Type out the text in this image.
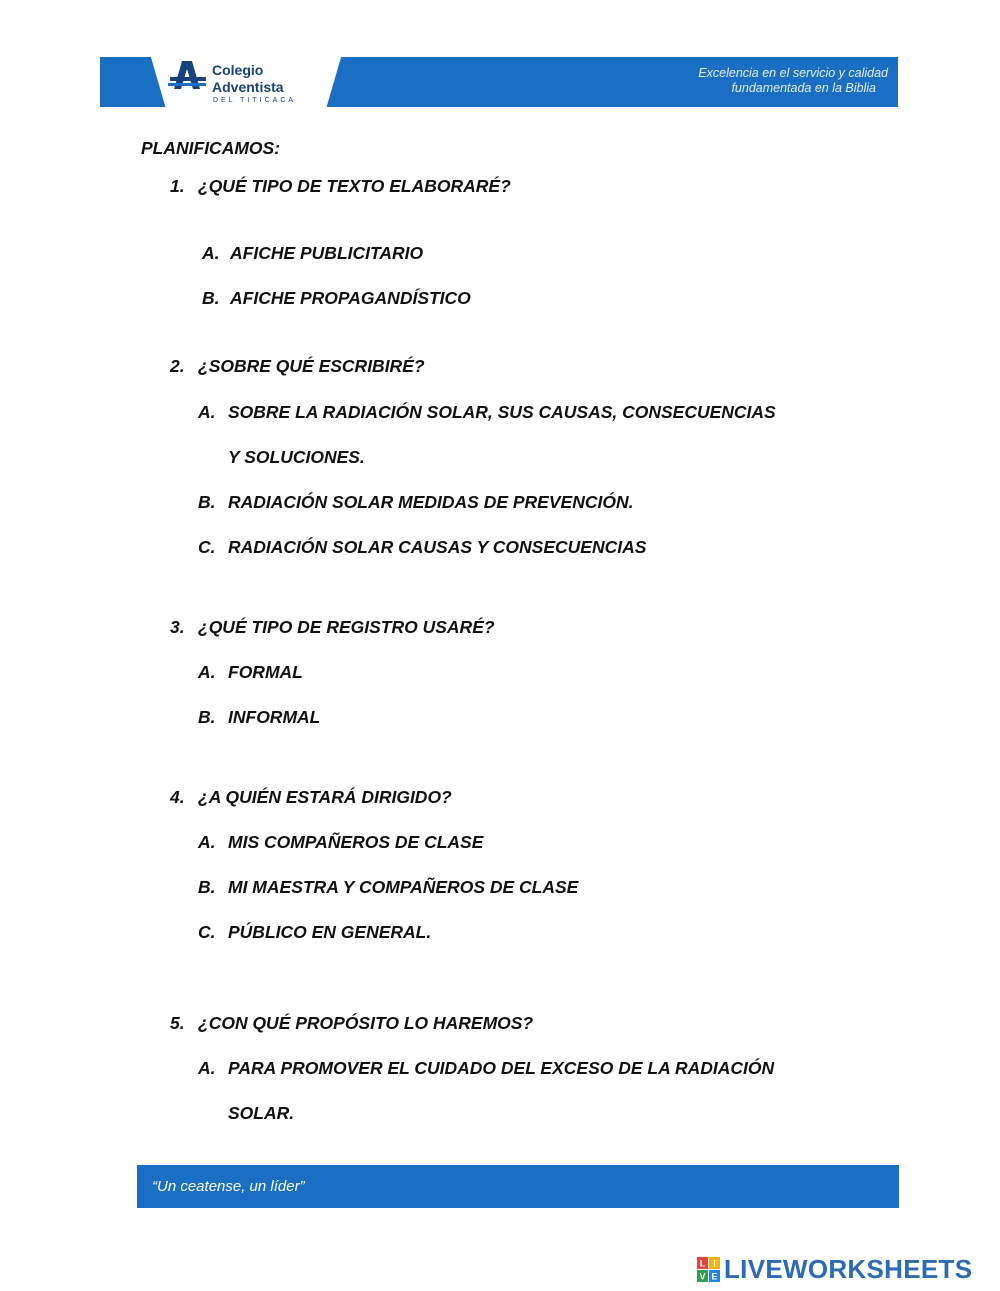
Colegio
Adventista
DEL TITICACA
Excelencia en el servicio y calidad
fundamentada en la Biblia
PLANIFICAMOS:
1. ¿QUÉ TIPO DE TEXTO ELABORARÉ?
A. AFICHE PUBLICITARIO
B. AFICHE PROPAGANDÍSTICO
2. ¿SOBRE QUÉ ESCRIBIRÉ?
A. SOBRE LA RADIACIÓN SOLAR, SUS CAUSAS, CONSECUENCIAS
Y SOLUCIONES.
B. RADIACIÓN SOLAR MEDIDAS DE PREVENCIÓN.
C. RADIACIÓN SOLAR CAUSAS Y CONSECUENCIAS
3. ¿QUÉ TIPO DE REGISTRO USARÉ?
A. FORMAL
B. INFORMAL
4. ¿A QUIÉN ESTARÁ DIRIGIDO?
A. MIS COMPAÑEROS DE CLASE
B. MI MAESTRA Y COMPAÑEROS DE CLASE
C. PÚBLICO EN GENERAL.
5. ¿CON QUÉ PROPÓSITO LO HAREMOS?
A. PARA PROMOVER EL CUIDADO DEL EXCESO DE LA RADIACIÓN
SOLAR.
“Un ceatense, un líder”
L I
V E LIVEWORKSHEETS
